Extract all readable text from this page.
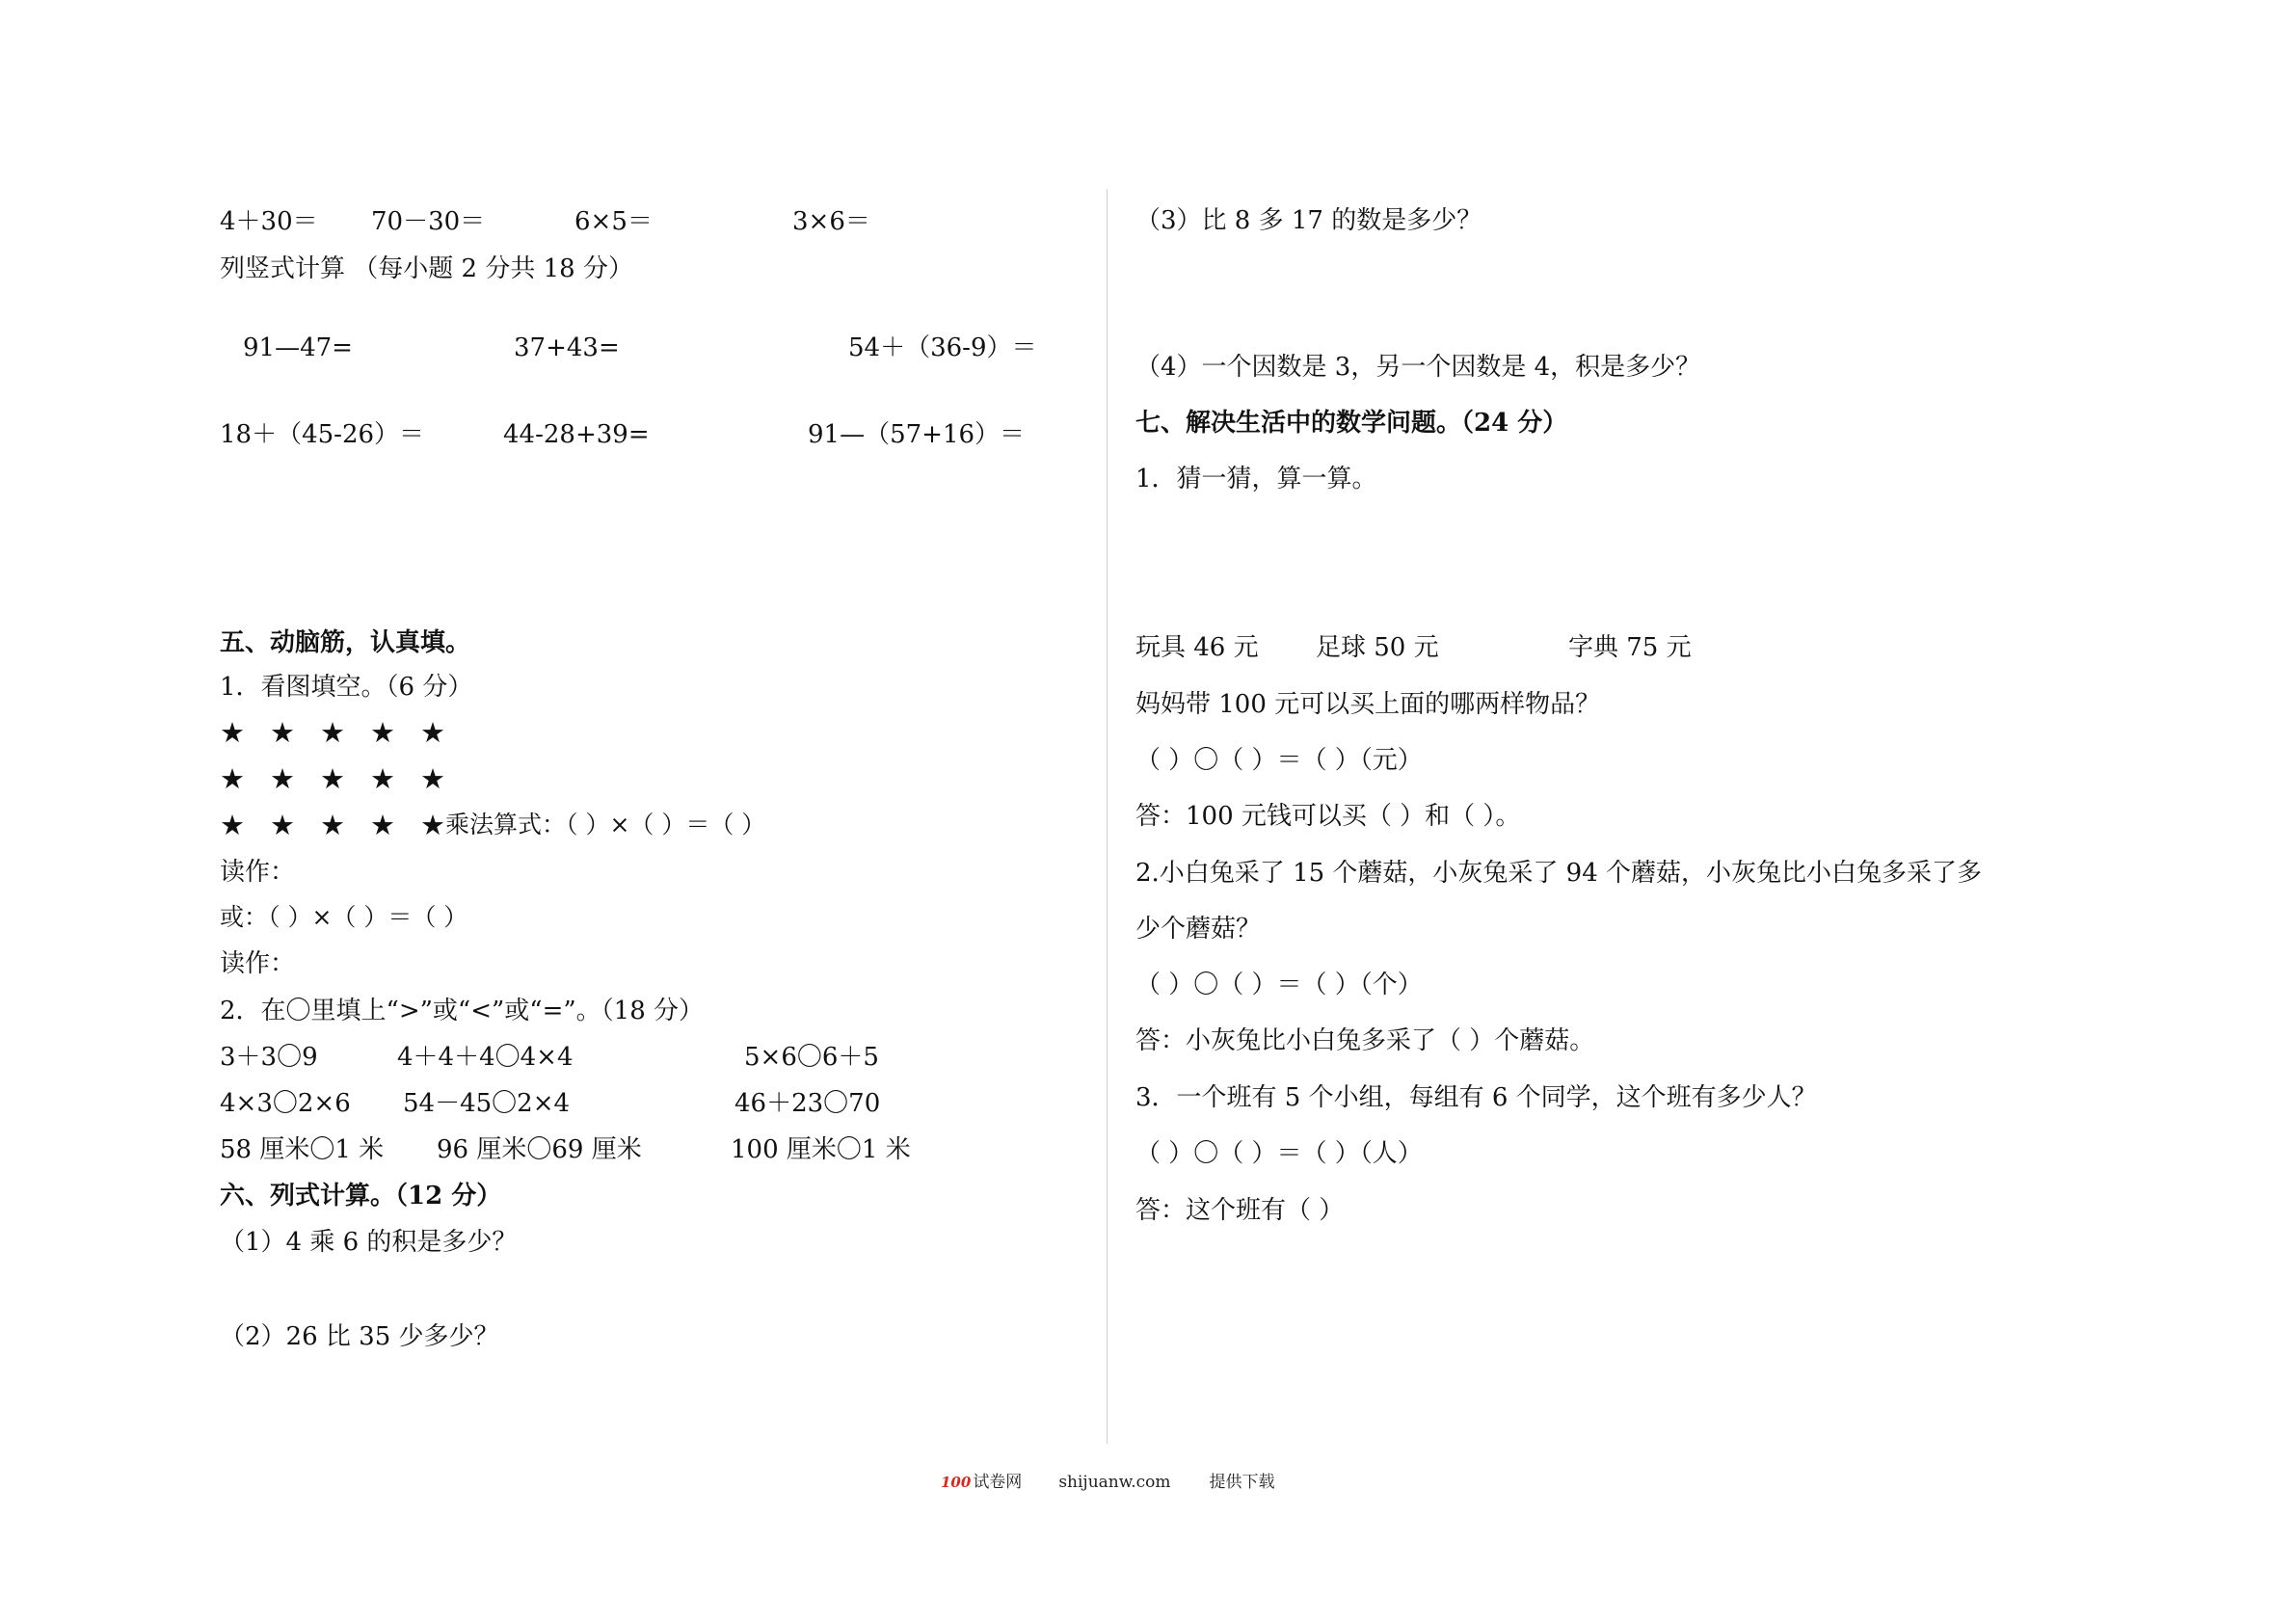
4＋30＝ 70－30＝	6×5＝	3×6＝
列竖式计算 （每小题 2 分共 18 分）
91—47=	37+43=	54＋（36-9）＝
18＋（45-26）＝	44-28+39=	91—（57+16）＝
五、动脑筋，认真填。
1．看图填空。（6 分）
★ ★ ★ ★ ★
★ ★ ★ ★ ★
★ ★ ★ ★ ★ 乘法算式：（ ）×（ ）＝（ ）
读作：
或：（ ）×（ ）＝（ ）
读作：
2．在〇里填上“>”或“<”或“=”。（18 分）
3＋3〇9	4＋4＋4〇4×4	5×6〇6＋5
4×3〇2×6 54－45〇2×4	46＋23〇70
58 厘米〇1 米 96 厘米〇69 厘米	100 厘米〇1 米
六、列式计算。（12 分）
（1）4 乘 6 的积是多少？
（2）26 比 35 少多少？
（3）比 8 多 17 的数是多少？
（4）一个因数是 3，另一个因数是 4，积是多少？
七、解决生活中的数学问题。（24 分）
1．猜一猜，算一算。
玩具 46 元 足球 50 元	字典 75 元
妈妈带 100 元可以买上面的哪两样物品？
（ ）〇（ ）＝（ ）（元）
答：100 元钱可以买（ ）和（ ）。
2.小白兔采了 15 个蘑菇，小灰兔采了 94 个蘑菇，小灰兔比小白兔多采了多
少个蘑菇？
（ ）〇（ ）＝（ ）（个）
答：小灰兔比小白兔多采了（ ）个蘑菇。
3．一个班有 5 个小组，每组有 6 个同学，这个班有多少人？
（ ）〇（ ）＝（ ）（人）
答：这个班有（ ）
100 试卷网 shijuanw.com 提供下载
